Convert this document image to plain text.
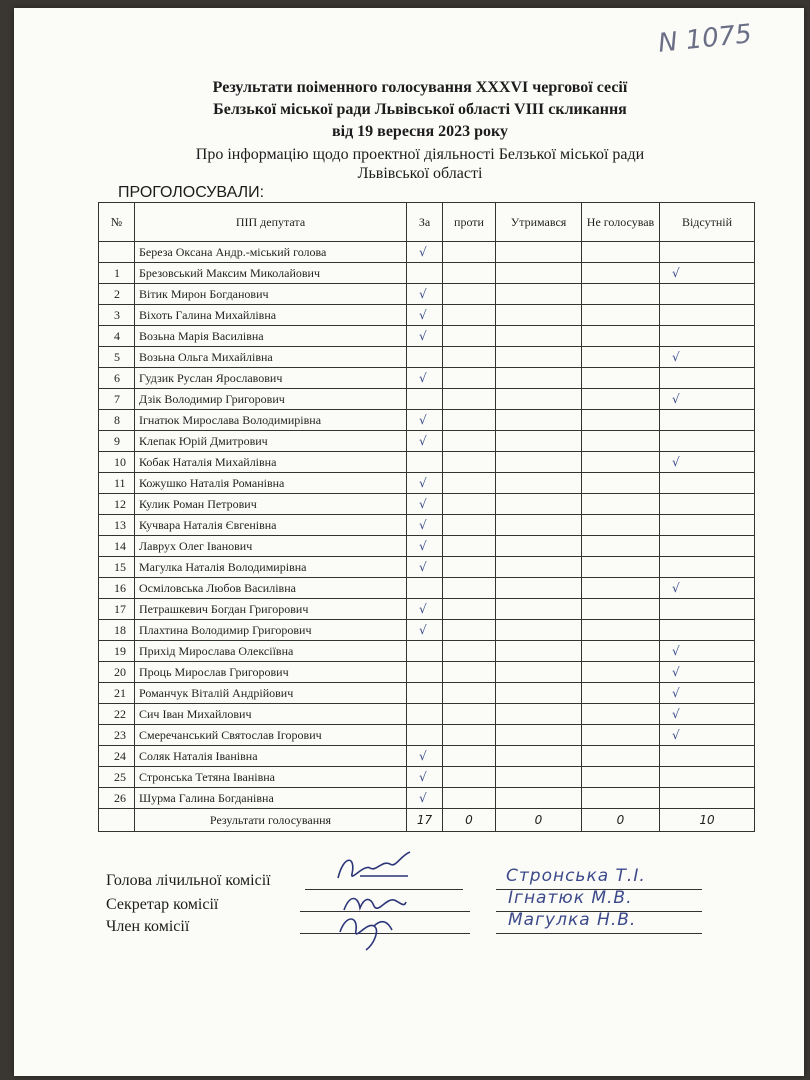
N 1075
Результати поіменного голосування XXXVI чергової сесії
Белзької міської ради Львівської області VIII скликання
від 19 вересня 2023 року
Про інформацію щодо проектної діяльності Белзької міської ради
Львівської області
ПРОГОЛОСУВАЛИ:
№	ПІП депутата	За	проти	Утримався	Не голосував	Відсутній
	Береза Оксана Андр.-міський голова	√				
1	Брезовський Максим Миколайович					√
2	Вітик Мирон Богданович	√				
3	Віхоть Галина Михайлівна	√				
4	Возьна Марія Василівна	√				
5	Возьна Ольга Михайлівна					√
6	Гудзик Руслан Ярославович	√				
7	Дзік Володимир Григорович					√
8	Ігнатюк Мирослава Володимирівна	√				
9	Клепак Юрій Дмитрович	√				
10	Кобак Наталія Михайлівна					√
11	Кожушко Наталія Романівна	√				
12	Кулик Роман Петрович	√				
13	Кучвара Наталія Євгенівна	√				
14	Лаврух Олег Іванович	√				
15	Магулка Наталія Володимирівна	√				
16	Осміловська Любов Василівна					√
17	Петрашкевич Богдан Григорович	√				
18	Плахтина Володимир Григорович	√				
19	Прихід Мирослава Олексіївна					√
20	Проць Мирослав Григорович					√
21	Романчук Віталій Андрійович					√
22	Сич Іван Михайлович					√
23	Смеречанський Святослав Ігорович					√
24	Соляк Наталія Іванівна	√				
25	Стронська Тетяна Іванівна	√				
26	Шурма Галина Богданівна	√				
	Результати голосування	17	0	0	0	10
Голова лічильної комісії	Стронська Т.І.
Секретар комісії	Ігнатюк М.В.
Член комісії	Магулка Н.В.
